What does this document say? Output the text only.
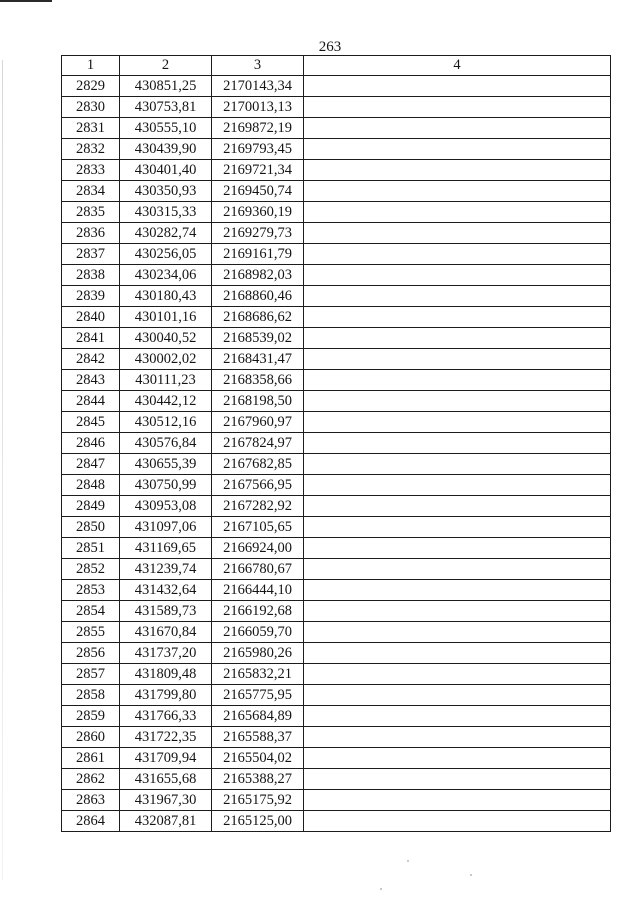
263
1	2	3	4
2829	430851,25	2170143,34	
2830	430753,81	2170013,13	
2831	430555,10	2169872,19	
2832	430439,90	2169793,45	
2833	430401,40	2169721,34	
2834	430350,93	2169450,74	
2835	430315,33	2169360,19	
2836	430282,74	2169279,73	
2837	430256,05	2169161,79	
2838	430234,06	2168982,03	
2839	430180,43	2168860,46	
2840	430101,16	2168686,62	
2841	430040,52	2168539,02	
2842	430002,02	2168431,47	
2843	430111,23	2168358,66	
2844	430442,12	2168198,50	
2845	430512,16	2167960,97	
2846	430576,84	2167824,97	
2847	430655,39	2167682,85	
2848	430750,99	2167566,95	
2849	430953,08	2167282,92	
2850	431097,06	2167105,65	
2851	431169,65	2166924,00	
2852	431239,74	2166780,67	
2853	431432,64	2166444,10	
2854	431589,73	2166192,68	
2855	431670,84	2166059,70	
2856	431737,20	2165980,26	
2857	431809,48	2165832,21	
2858	431799,80	2165775,95	
2859	431766,33	2165684,89	
2860	431722,35	2165588,37	
2861	431709,94	2165504,02	
2862	431655,68	2165388,27	
2863	431967,30	2165175,92	
2864	432087,81	2165125,00	
